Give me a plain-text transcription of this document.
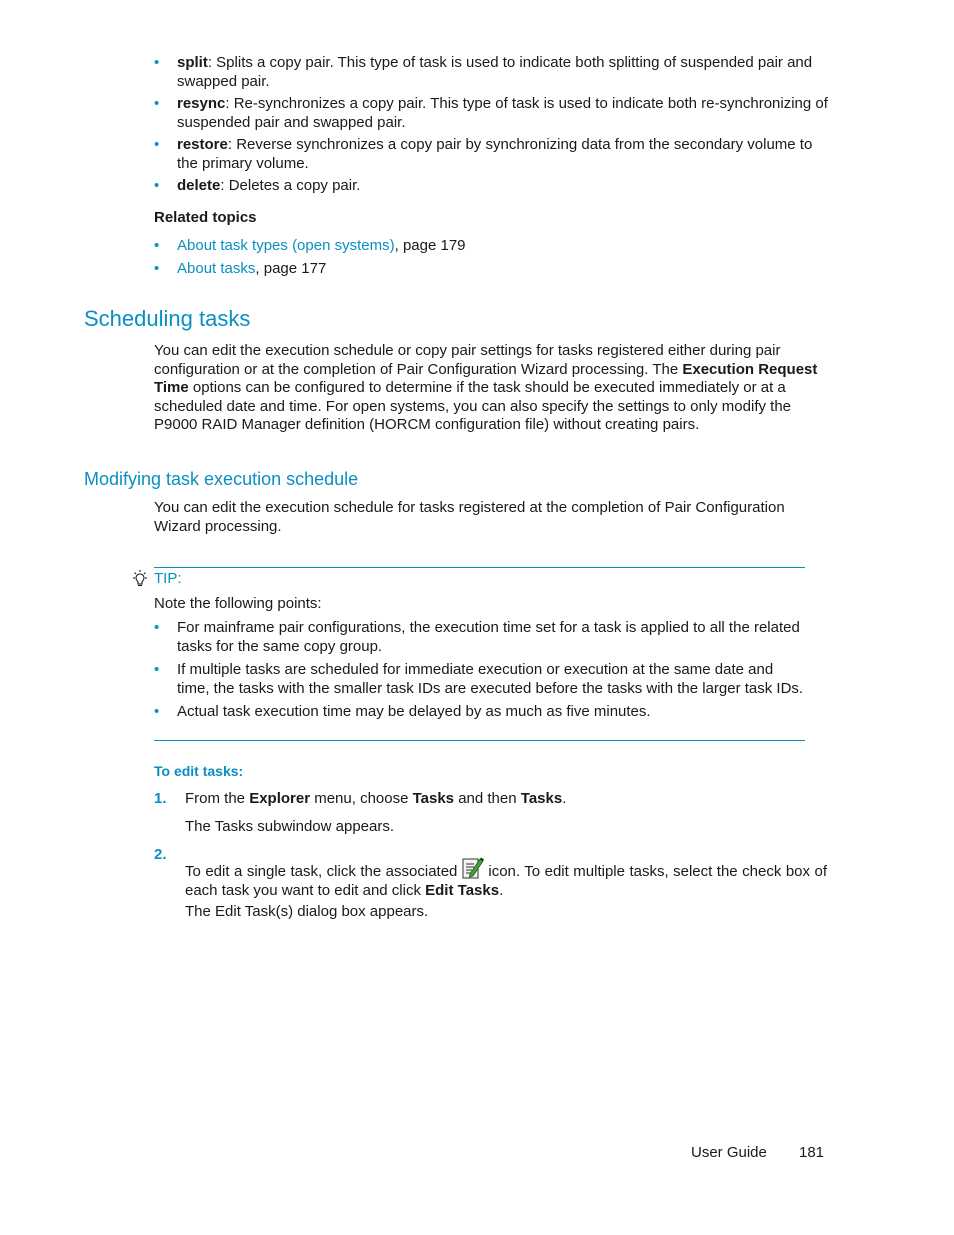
• split: Splits a copy pair. This type of task is used to indicate both splitting of suspended pair and swapped pair.
• resync: Re-synchronizes a copy pair. This type of task is used to indicate both re-synchronizing of suspended pair and swapped pair.
• restore: Reverse synchronizes a copy pair by synchronizing data from the secondary volume to the primary volume.
• delete: Deletes a copy pair.
Related topics
• About task types (open systems), page 179
• About tasks, page 177
Scheduling tasks
You can edit the execution schedule or copy pair settings for tasks registered either during pair configuration or at the completion of Pair Configuration Wizard processing. The Execution Request Time options can be configured to determine if the task should be executed immediately or at a scheduled date and time. For open systems, you can also specify the settings to only modify the P9000 RAID Manager definition (HORCM configuration file) without creating pairs.
Modifying task execution schedule
You can edit the execution schedule for tasks registered at the completion of Pair Configuration Wizard processing.
TIP:
Note the following points:
• For mainframe pair configurations, the execution time set for a task is applied to all the related tasks for the same copy group.
• If multiple tasks are scheduled for immediate execution or execution at the same date and time, the tasks with the smaller task IDs are executed before the tasks with the larger task IDs.
• Actual task execution time may be delayed by as much as five minutes.
To edit tasks:
1. From the Explorer menu, choose Tasks and then Tasks.
The Tasks subwindow appears.
2.
To edit a single task, click the associated  icon. To edit multiple tasks, select the check box of each task you want to edit and click Edit Tasks.
The Edit Task(s) dialog box appears.
User Guide 181
